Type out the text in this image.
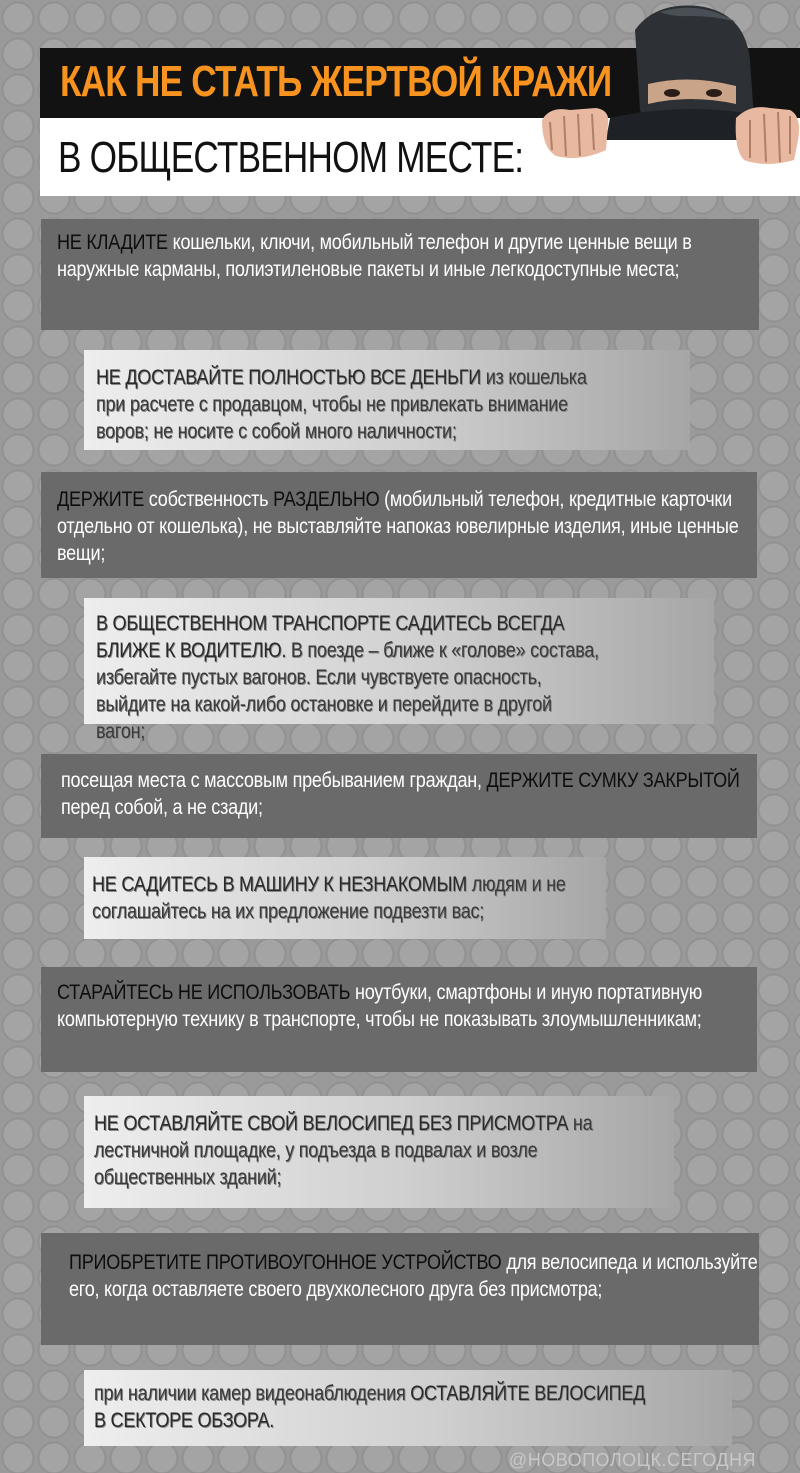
КАК НЕ СТАТЬ ЖЕРТВОЙ КРАЖИ
В ОБЩЕСТВЕННОМ МЕСТЕ:
НЕ КЛАДИТЕ кошельки, ключи, мобильный телефон и другие ценные вещи в наружные карманы, полиэтиленовые пакеты и иные легкодоступные места;
НЕ ДОСТАВАЙТЕ ПОЛНОСТЬЮ ВСЕ ДЕНЬГИ из кошелька при расчете с продавцом, чтобы не привлекать внимание воров; не носите с собой много наличности;
ДЕРЖИТЕ собственность РАЗДЕЛЬНО (мобильный телефон, кредитные карточки отдельно от кошелька), не выставляйте напоказ ювелирные изделия, иные ценные вещи;
В ОБЩЕСТВЕННОМ ТРАНСПОРТЕ САДИТЕСЬ ВСЕГДА БЛИЖЕ К ВОДИТЕЛЮ. В поезде – ближе к «голове» состава, избегайте пустых вагонов. Если чувствуете опасность, выйдите на какой-либо остановке и перейдите в другой вагон;
посещая места с массовым пребыванием граждан, ДЕРЖИТЕ СУМКУ ЗАКРЫТОЙ перед собой, а не сзади;
НЕ САДИТЕСЬ В МАШИНУ К НЕЗНАКОМЫМ людям и не соглашайтесь на их предложение подвезти вас;
СТАРАЙТЕСЬ НЕ ИСПОЛЬЗОВАТЬ ноутбуки, смартфоны и иную портативную компьютерную технику в транспорте, чтобы не показывать злоумышленникам;
НЕ ОСТАВЛЯЙТЕ СВОЙ ВЕЛОСИПЕД БЕЗ ПРИСМОТРА на лестничной площадке, у подъезда в подвалах и возле общественных зданий;
ПРИОБРЕТИТЕ ПРОТИВОУГОННОЕ УСТРОЙСТВО для велосипеда и используйте его, когда оставляете своего двухколесного друга без присмотра;
при наличии камер видеонаблюдения ОСТАВЛЯЙТЕ ВЕЛОСИПЕД В СЕКТОРЕ ОБЗОРА.
@НОВОПОЛОЦК.СЕГОДНЯ
